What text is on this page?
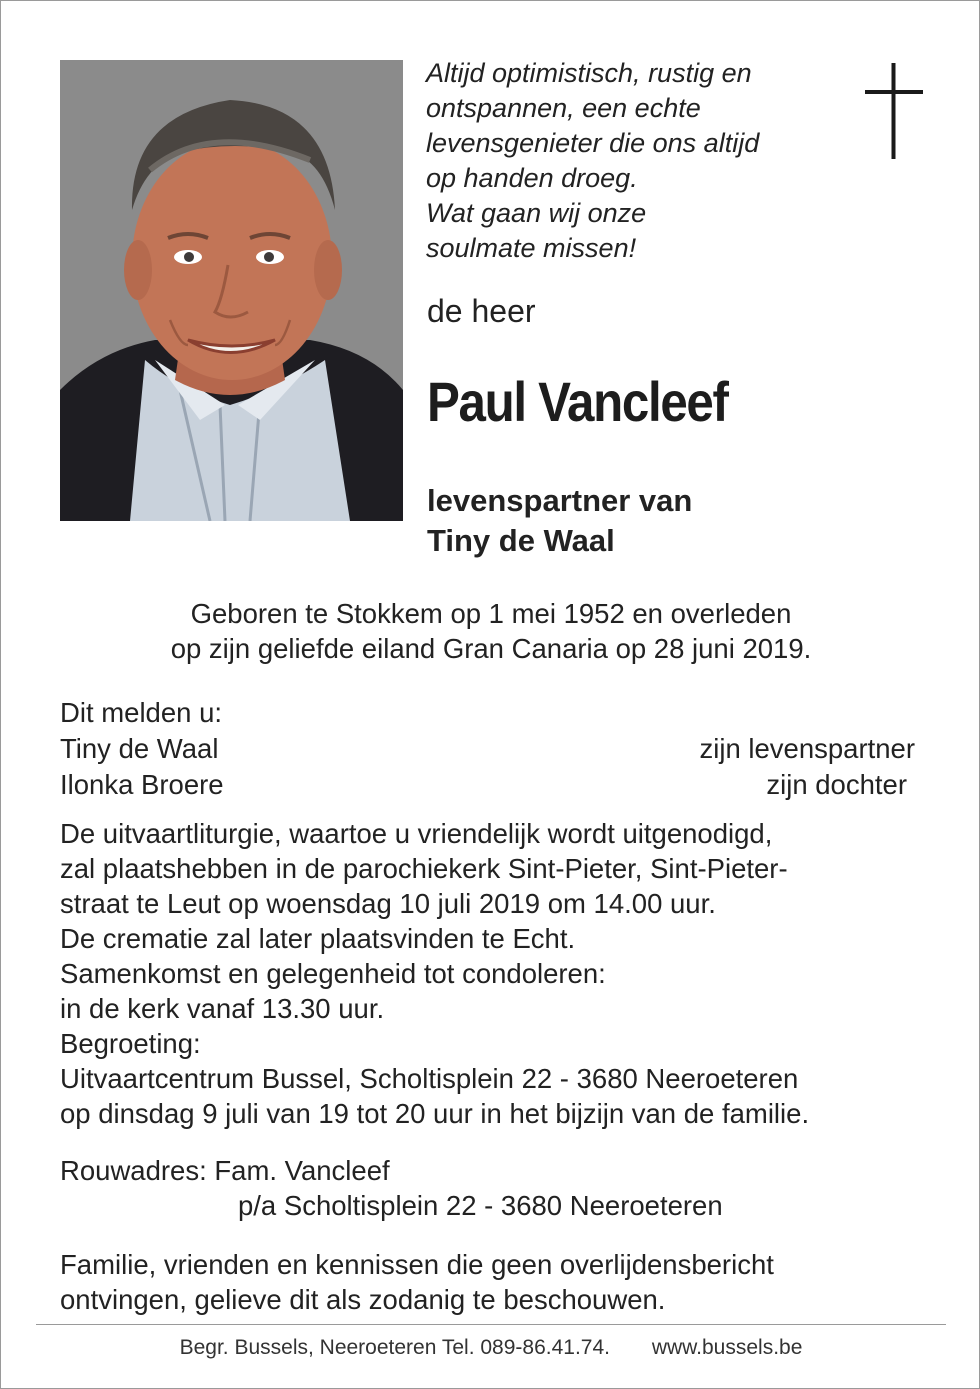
Altijd optimistisch, rustig en
ontspannen, een echte
levensgenieter die ons altijd
op handen droeg.
Wat gaan wij onze
soulmate missen!
de heer
Paul Vancleef
levenspartner van
Tiny de Waal
Geboren te Stokkem op 1 mei 1952 en overleden
op zijn geliefde eiland Gran Canaria op 28 juni 2019.
Dit melden u:
Tiny de Waal	zijn levenspartner
Ilonka Broere	zijn dochter
De uitvaartliturgie, waartoe u vriendelijk wordt uitgenodigd,
zal plaatshebben in de parochiekerk Sint-Pieter, Sint-Pieter-
straat te Leut op woensdag 10 juli 2019 om 14.00 uur.
De crematie zal later plaatsvinden te Echt.
Samenkomst en gelegenheid tot condoleren:
in de kerk vanaf 13.30 uur.
Begroeting:
Uitvaartcentrum Bussel, Scholtisplein 22 - 3680 Neeroeteren
op dinsdag 9 juli van 19 tot 20 uur in het bijzijn van de familie.
Rouwadres: Fam. Vancleef
p/a Scholtisplein 22 - 3680 Neeroeteren
Familie, vrienden en kennissen die geen overlijdensbericht
ontvingen, gelieve dit als zodanig te beschouwen.
Begr. Bussels, Neeroeteren Tel. 089-86.41.74. www.bussels.be
